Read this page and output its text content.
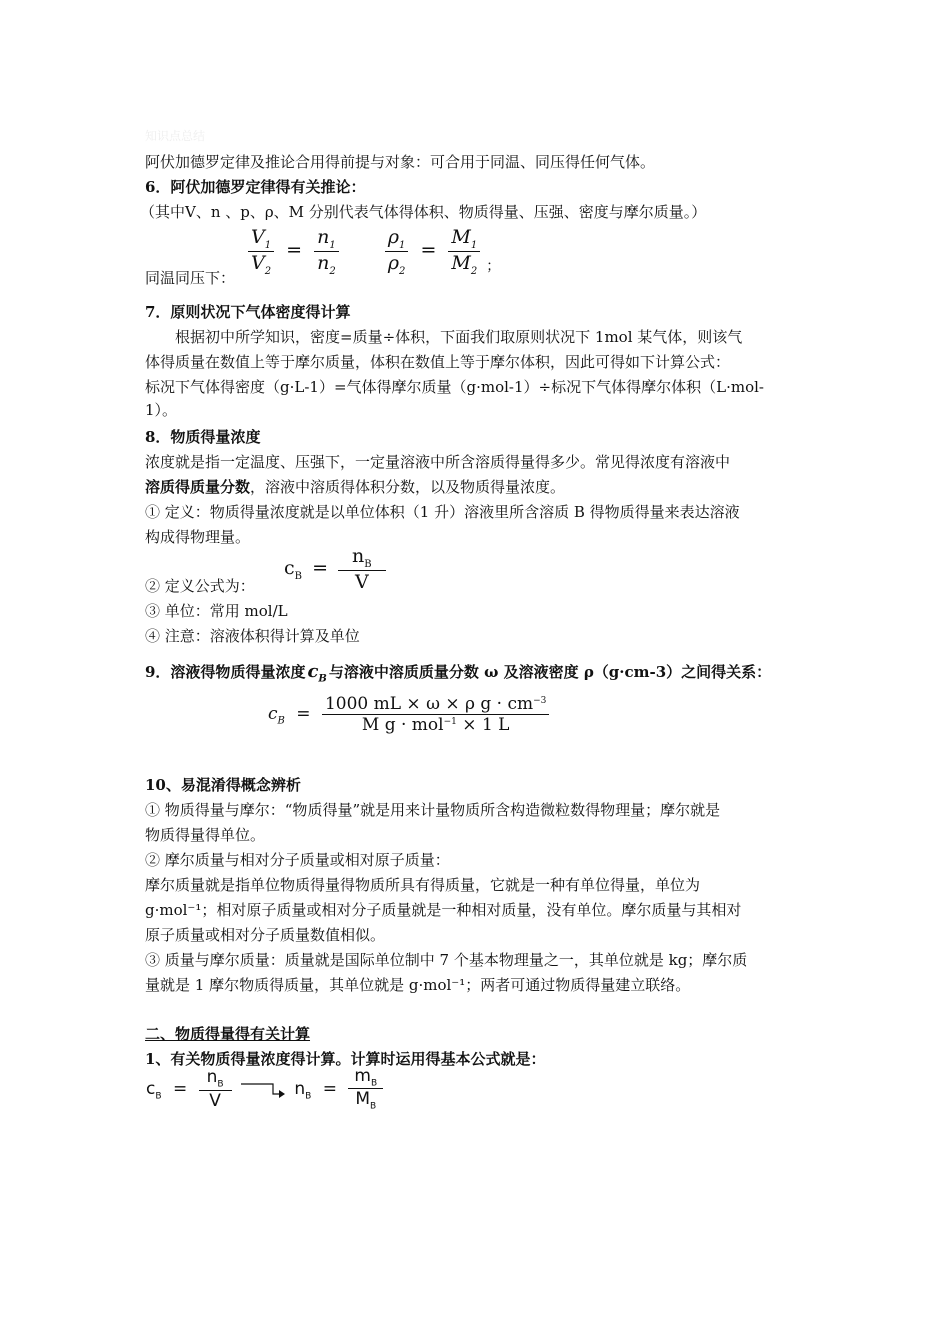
知识点总结
阿伏加德罗定律及推论合用得前提与对象：可合用于同温、同压得任何气体。
6．阿伏加德罗定律得有关推论：
（其中V、n 、p、ρ、M 分别代表气体得体积、物质得量、压强、密度与摩尔质量。）
同温同压下：
$\frac{V_1}{V_2} = \frac{n_1}{n_2}$
$\frac{\rho_1}{\rho_2} = \frac{M_1}{M_2} _;$
7．原则状况下气体密度得计算
　　根据初中所学知识，密度=质量÷体积，下面我们取原则状况下 1mol 某气体，则该气
体得质量在数值上等于摩尔质量，体积在数值上等于摩尔体积，因此可得如下计算公式：
标况下气体得密度（g·L-1）=气体得摩尔质量（g·mol-1）÷标况下气体得摩尔体积（L·mol-
1）。
8．物质得量浓度
浓度就是指一定温度、压强下，一定量溶液中所含溶质得量得多少。常见得浓度有溶液中
溶质得质量分数，溶液中溶质得体积分数，以及物质得量浓度。
① 定义：物质得量浓度就是以单位体积（1 升）溶液里所含溶质 B 得物质得量来表达溶液
构成得物理量。
② 定义公式为：
$c_B = \frac{n_B}{V}$
③ 单位：常用 mol/L
④ 注意：溶液体积得计算及单位
9．溶液得物质得量浓度 $c_B$ 与溶液中溶质质量分数 ω 及溶液密度 ρ（g·cm-3）之间得关系：
$c_B = \frac{1000 mL \times \omega \times \rho g \cdot cm^{-3}}{M g \cdot mol^{-1} \times 1 L}$
10、易混淆得概念辨析
① 物质得量与摩尔：“物质得量”就是用来计量物质所含构造微粒数得物理量；摩尔就是
物质得量得单位。
② 摩尔质量与相对分子质量或相对原子质量：
摩尔质量就是指单位物质得量得物质所具有得质量，它就是一种有单位得量，单位为
g·mol⁻¹；相对原子质量或相对分子质量就是一种相对质量，没有单位。摩尔质量与其相对
原子质量或相对分子质量数值相似。
③ 质量与摩尔质量：质量就是国际单位制中 7 个基本物理量之一，其单位就是 kg；摩尔质
量就是 1 摩尔物质得质量，其单位就是 g·mol⁻¹；两者可通过物质得量建立联络。
二、物质得量得有关计算
1、有关物质得量浓度得计算。计算时运用得基本公式就是：
$c_B = \frac{n_B}{V}$	$n_B = \frac{m_B}{M_B}$
